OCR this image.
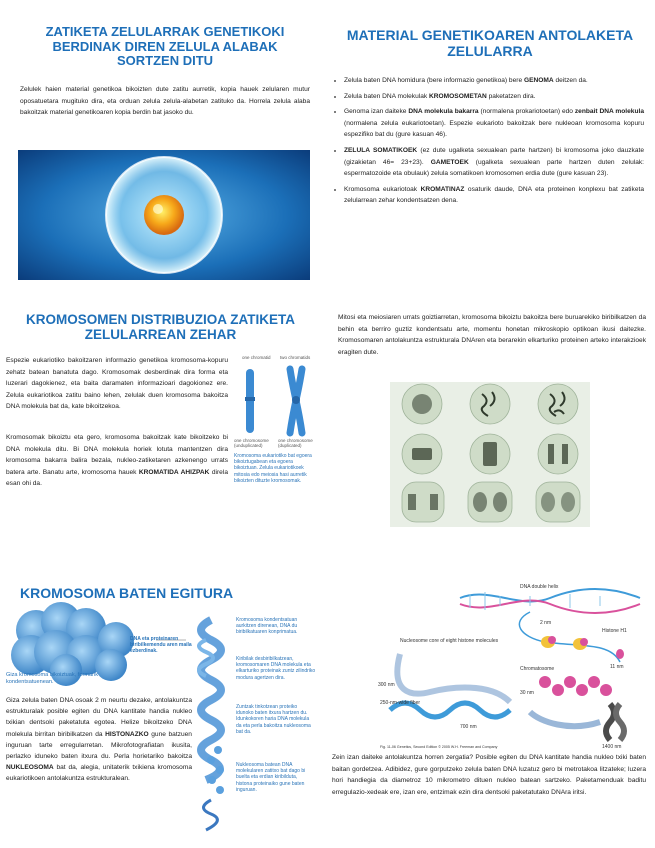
ZATIKETA ZELULARRAK GENETIKOKI BERDINAK DIREN ZELULA ALABAK SORTZEN DITU
Zelulek haien material genetikoa bikoizten dute zatitu aurretik, kopia hauek zelularen mutur oposatuetara mugituko dira, eta orduan zelula zelula-alabetan zatituko da. Horrela zelula alaba bakoitzak material genetikoaren kopia berdin bat jasoko du.
MATERIAL GENETIKOAREN ANTOLAKETA ZELULARRA
• Zelula baten DNA homidura (bere informazio genetikoa) bere GENOMA deitzen da.
• Zelula baten DNA molekulak KROMOSOMETAN paketatzen dira.
• Genoma izan daiteke DNA molekula bakarra (normalena prokariotoetan) edo zenbait DNA molekula (normalena zelula eukariotoetan). Espezie eukarioto bakoitzak bere nukleoan kromosoma kopuru espezifiko bat du (gure kasuan 46).
• ZELULA SOMATIKOEK (ez dute ugalketa sexualean parte hartzen) bi kromosoma joko dauzkate (gizakietan 46= 23+23). GAMETOEK (ugalketa sexualean parte hartzen duten zelulak: espermatozoide eta obulauk) zelula somatikoen kromosomen erdia dute (gure kasuan 23).
• Kromosoma eukariotoak KROMATINAZ osaturik daude, DNA eta proteinen konplexu bat zatiketa zelularrean zehar kondentsatzen dena.
KROMOSOMEN DISTRIBUZIOA ZATIKETA ZELULARREAN ZEHAR
Espezie eukariotiko bakoitzaren informazio genetikoa kromosoma-kopuru zehatz batean banatuta dago. Kromosomak desberdinak dira forma eta luzerari dagokienez, eta baita daramaten informazioari dagokionez ere. Zelula eukariotikoa zatitu baino lehen, zelulak duen kromosoma bakoitza DNA molekula bat da, kate bikoitzekoa.
Kromosomak bikoiztu eta gero, kromosoma bakoitzak kate bikoitzeko bi DNA molekula ditu. Bi DNA molekula horiek lotuta mantentzen dira kromosoma bakarra balira bezala, nukleo-zatiketaren azkenengo urrats batera arte. Banatu arte, kromosoma hauek KROMATIDA AHIZPAK direla esan ohi da.
one chromatid	two chromatids
one chromosome (unduplicated)
one chromosome (duplicated)
Kromosoma eukariotiko bat egoera bikoiztugabean eta egoera bikoiztuan. Zelula eukariotikoek mitosia edo meiosia hasi aurretik bikoizten dituzte kromosomak.
Mitosi eta meiosiaren urrats goiztiarretan, kromosoma bikoiztu bakoitza bere buruarekiko biribilkatzen da behin eta berriro guztiz kondentsatu arte, momentu honetan mikroskopio optikoan ikusi daitezke. Kromosomaren antolakuntza estrukturala DNAren eta berarekin elkarturiko proteinen arteko interakzioek eragiten dute.
KROMOSOMA BATEN EGITURA
DNA eta proteinaren biribilkemendu aren maila ezberdinak.
Giza kromosoma bikoiztuak, formarik kondentsatuenean.
Kromosoma kondentsatuan aurkitzen direnean, DNA du biribilkatuaren konprimatua.
Kiribilak desbiribilkatzean, kromosomaren DNA molekula eta elkarturiko proteinak zuntz zilindriko modura agertzen dira.
Zuntzak tinkotzean proteiko idunoko baten itxura hartzen du. Idunkokoren haria DNA molekula da eta perla bakoitza nukleosoma bat da.
Nukleosoma batean DNA molekularen zatitxo bat dago bi buelta eta erdian kiribilduta, histona proteinaiko gune baten inguruan.
Giza zelula baten DNA osoak 2 m neurtu dezake, antolakuntza estrukturalak posible egiten du DNA kantitate handia nukleo txikian dentsoki paketatuta egotea. Helize bikoitzeko DNA molekula birritan biribilkatzen da HISTONAZKO gune batzuen inguruan tarte erregularretan. Mikrofotografiatan ikusita, perlazko iduneko baten itxura du. Perla horietariko bakoitza NUKLEOSOMA bat da, alegia, unitaterik txikiena kromosoma eukariotikoen antolakuntza estrukturalean.
DNA double helix
2 nm
Histone H1
11 nm
Nucleosome core of eight histone molecules
Chromatosome
300 nm
30 nm
250-nm-wide fiber
700 nm
1400 nm
Fig. 11-06 Genetics, Second Edition © 2005 W.H. Freeman and Company
Zein izan daiteke antolakuntza horren zergatia? Posible egiten du DNA kantitate handia nukleo txiki baten baitan gordetzea. Adibidez, gure gorputzeko zelula baten DNA luzatuz gero bi metrotakoa litzateke; luzera hori handiegia da diametroz 10 mikrometro dituen nukleo batean sartzeko. Paketamenduak baditu erregulazio-xedeak ere, izan ere, entzimak ezin dira dentsoki paketatutako DNAra iritsi.
